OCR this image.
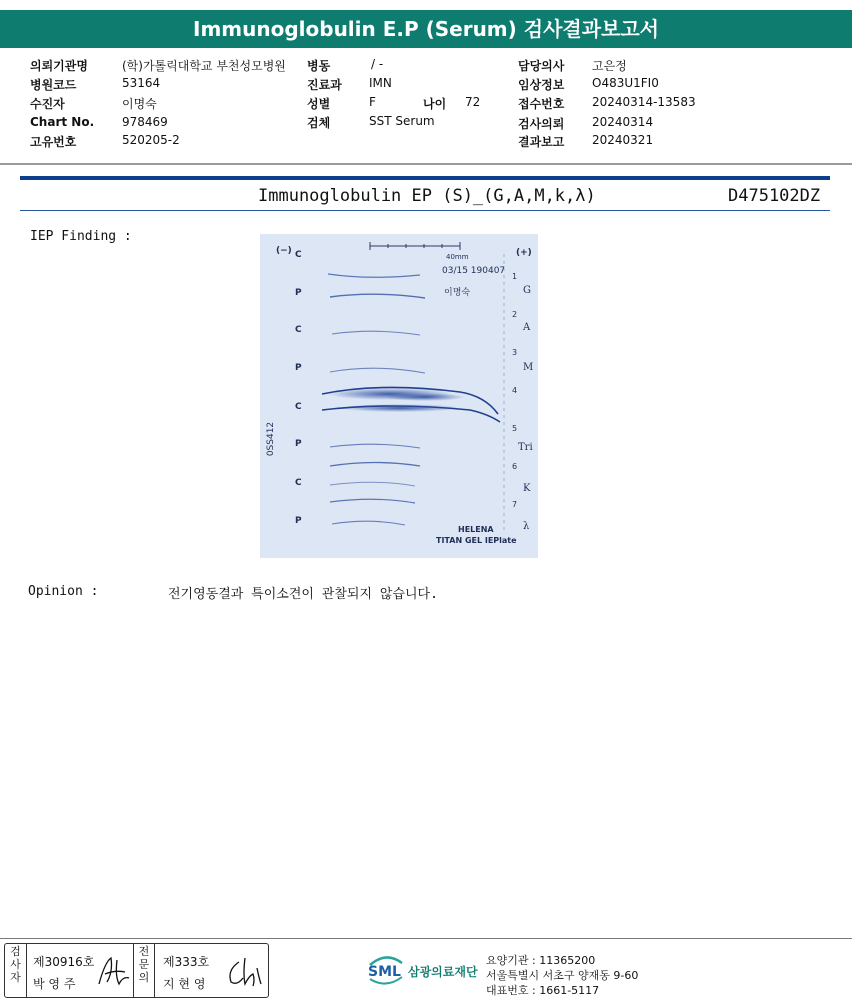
Immunoglobulin E.P (Serum) 검사결과보고서
의뢰기관명	(학)가톨릭대학교 부천성모병원
병원코드	53164
수진자	이명숙
Chart No. 978469
고유번호	520205-2
병동	/ -
진료과 IMN
성별	F	나이 72
검체	SST Serum
담당의사 고은정
임상정보 O483U1FI0
접수번호 20240314-13583
검사의뢰 20240314
결과보고 20240321
Immunoglobulin EP (S)_(G,A,M,k,λ)	D475102DZ
IEP Finding :
(−)	(+)
40mm
03/15 190407
이명숙
0SS412
C
P
C
P
C
P
C
P
1
2
3
4
5
6
7
G
A
M
Tri
K
λ
HELENA
TITAN GEL IEPlate
Opinion :	전기영동결과 특이소견이 관찰되지 않습니다.
검사자
제30916호
박 영 주
전문의
제333호
지 현 영
SML 삼광의료재단
요양기관 : 11365200
서울특별시 서초구 양재동 9-60
대표번호 : 1661-5117
